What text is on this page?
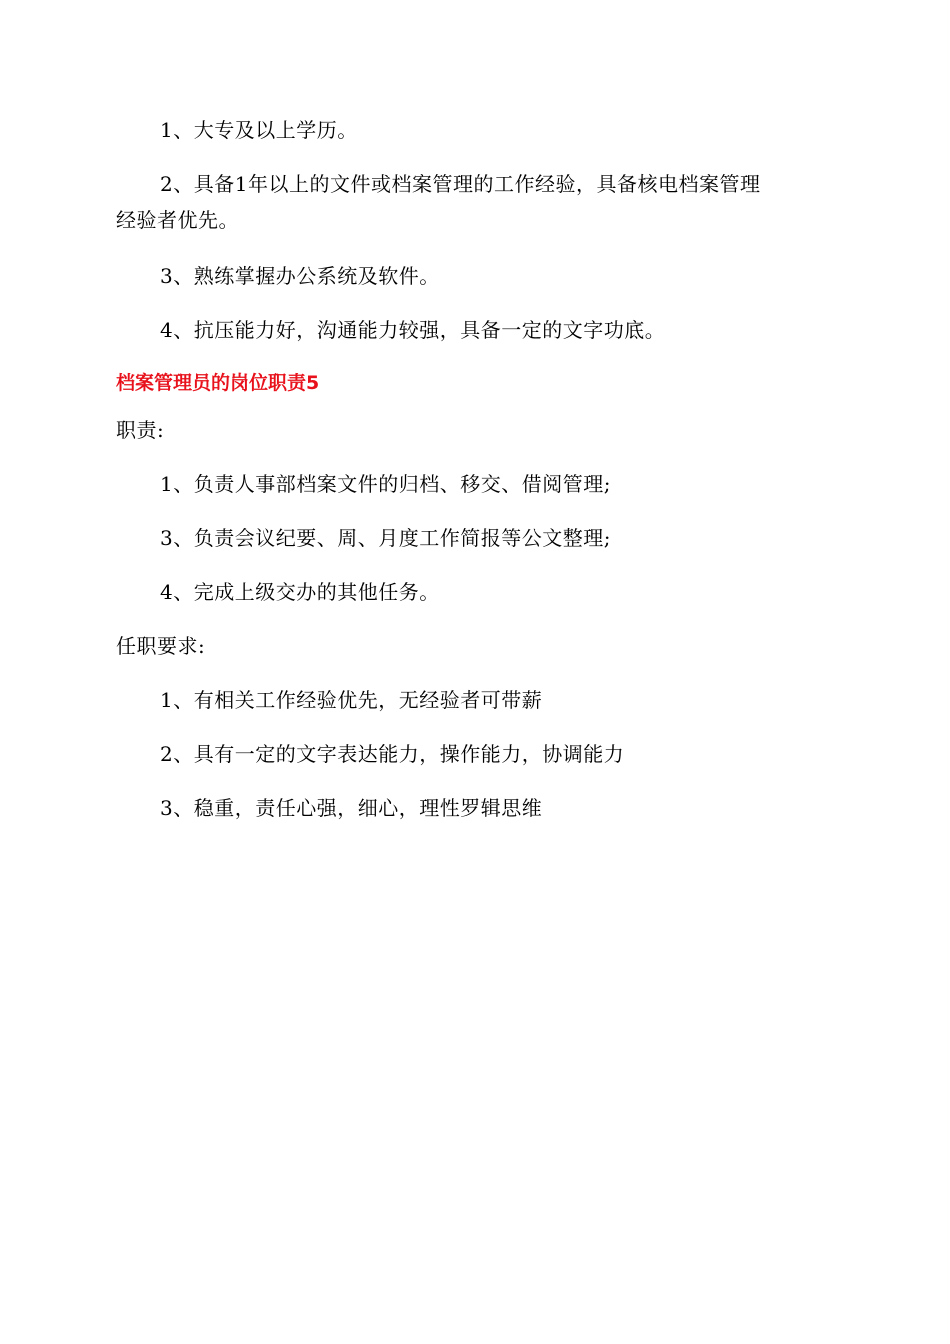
1、大专及以上学历。
2、具备1年以上的文件或档案管理的工作经验，具备核电档案管理
经验者优先。
3、熟练掌握办公系统及软件。
4、抗压能力好，沟通能力较强，具备一定的文字功底。
档案管理员的岗位职责5
职责:
1、负责人事部档案文件的归档、移交、借阅管理;
3、负责会议纪要、周、月度工作简报等公文整理;
4、完成上级交办的其他任务。
任职要求:
1、有相关工作经验优先，无经验者可带薪
2、具有一定的文字表达能力，操作能力，协调能力
3、稳重，责任心强，细心，理性罗辑思维
